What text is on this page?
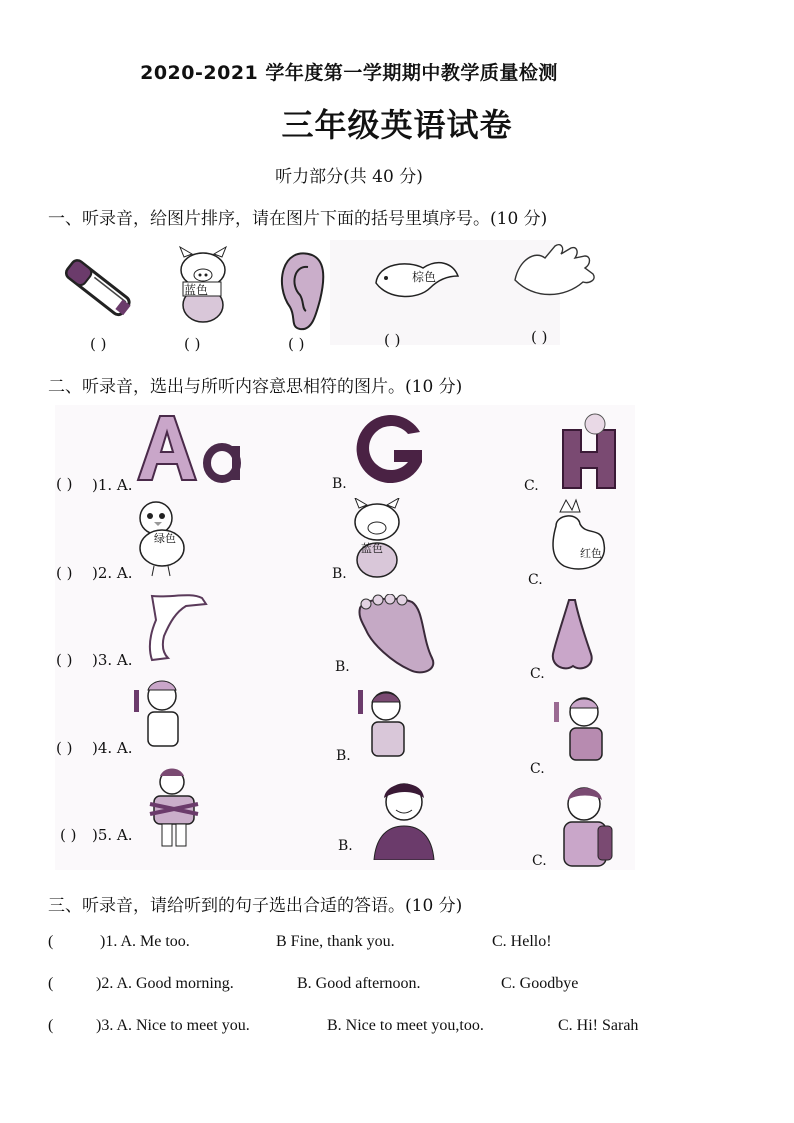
2020-2021 学年度第一学期期中教学质量检测
三年级英语试卷
听力部分(共 40 分)
一、听录音，给图片排序，请在图片下面的括号里填序号。(10 分)
蓝色
棕色
( )	( )	( )	( )	( )
二、听录音，选出与所听内容意思相符的图片。(10 分)
( ) )1. A.	B.	C.
( ) )2. A.
绿色
B.
蓝色
C.
红色
( ) )3. A.	B.	C.
( ) )4. A.	B.
C.
( ) )5. A.
B.
C.
三、听录音，请给听到的句子选出合适的答语。(10 分)
(	)1. A. Me too.	B Fine, thank you.	C. Hello!
(	)2. A. Good morning.	B. Good afternoon.	C. Goodbye
(	)3. A. Nice to meet you.	B. Nice to meet you,too.	C. Hi! Sarah
